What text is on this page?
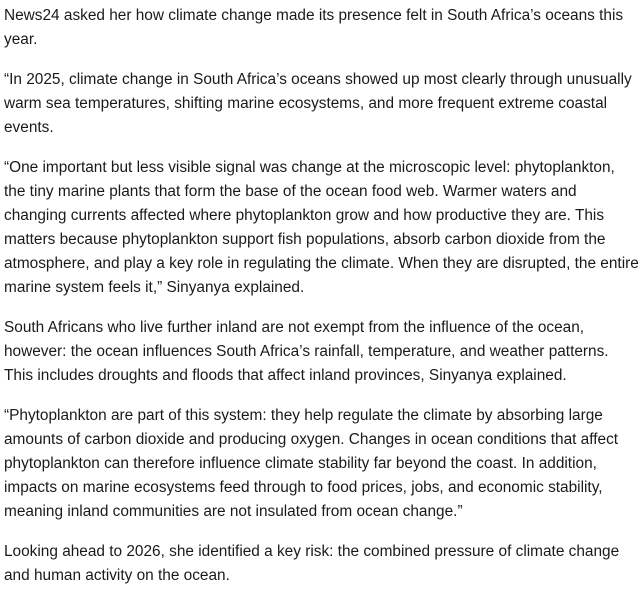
News24 asked her how climate change made its presence felt in South Africa’s oceans this year.

“In 2025, climate change in South Africa’s oceans showed up most clearly through unusually warm sea temperatures, shifting marine ecosystems, and more frequent extreme coastal events.

“One important but less visible signal was change at the microscopic level: phytoplankton, the tiny marine plants that form the base of the ocean food web. Warmer waters and changing currents affected where phytoplankton grow and how productive they are. This matters because phytoplankton support fish populations, absorb carbon dioxide from the atmosphere, and play a key role in regulating the climate. When they are disrupted, the entire marine system feels it,” Sinyanya explained.

South Africans who live further inland are not exempt from the influence of the ocean, however: the ocean influences South Africa’s rainfall, temperature, and weather patterns. This includes droughts and floods that affect inland provinces, Sinyanya explained.

“Phytoplankton are part of this system: they help regulate the climate by absorbing large amounts of carbon dioxide and producing oxygen. Changes in ocean conditions that affect phytoplankton can therefore influence climate stability far beyond the coast. In addition, impacts on marine ecosystems feed through to food prices, jobs, and economic stability, meaning inland communities are not insulated from ocean change.”

Looking ahead to 2026, she identified a key risk: the combined pressure of climate change and human activity on the ocean.
